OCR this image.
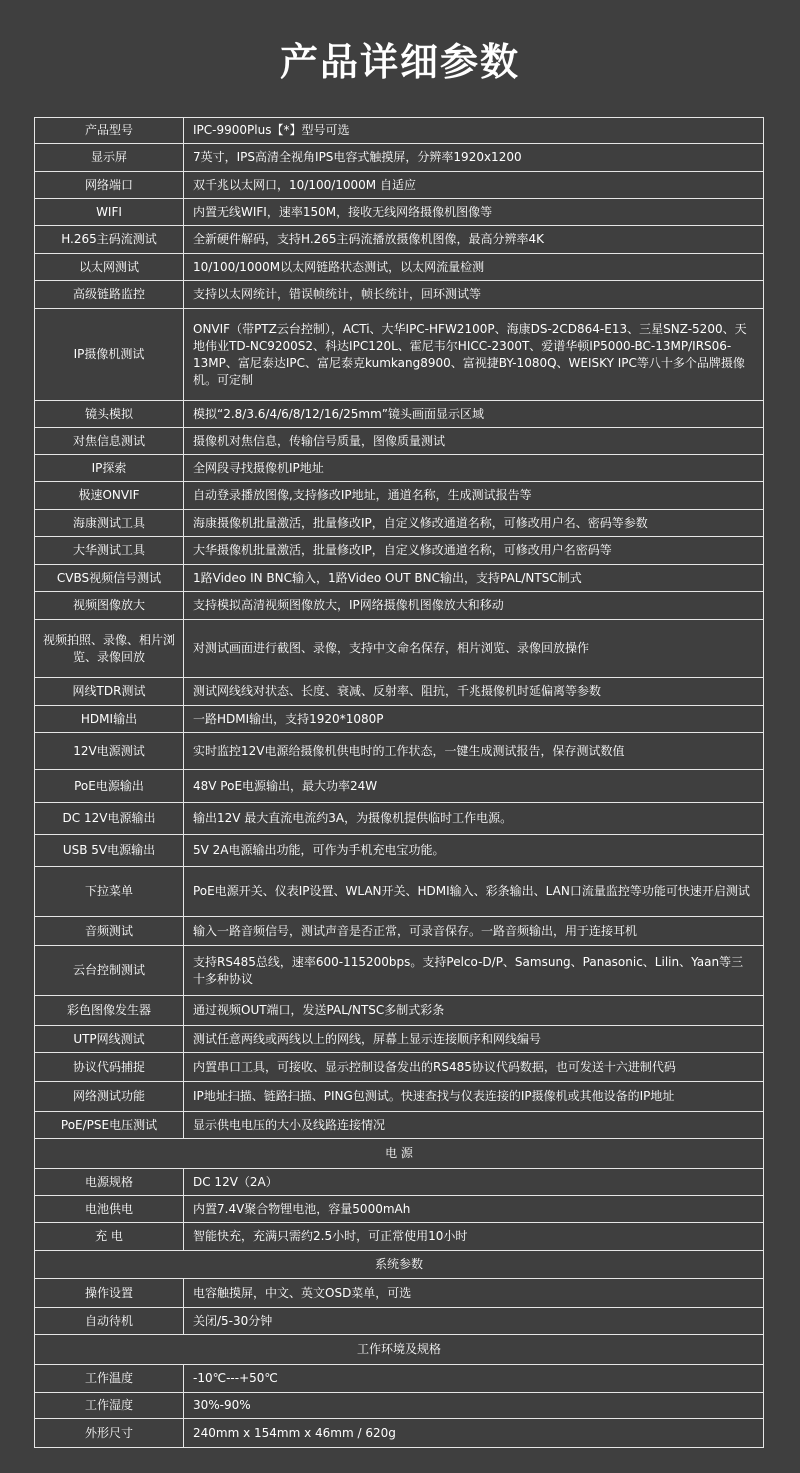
产品详细参数
产品型号	IPC-9900Plus【*】型号可选
显示屏	7英寸，IPS高清全视角IPS电容式触摸屏，分辨率1920x1200
网络端口	双千兆以太网口，10/100/1000M 自适应
WIFI	内置无线WIFI，速率150M，接收无线网络摄像机图像等
H.265主码流测试	全新硬件解码，支持H.265主码流播放摄像机图像，最高分辨率4K
以太网测试	10/100/1000M以太网链路状态测试，以太网流量检测
高级链路监控	支持以太网统计，错误帧统计，帧长统计，回环测试等
IP摄像机测试	ONVIF（带PTZ云台控制），ACTi、大华IPC-HFW2100P、海康DS-2CD864-E13、三星SNZ-5200、天地伟业TD-NC9200S2、科达IPC120L、霍尼韦尔HICC-2300T、爱谱华顿IP5000-BC-13MP/IRS06-13MP、富尼泰达IPC、富尼泰克kumkang8900、富视捷BY-1080Q、WEISKY IPC等八十多个品牌摄像机。可定制
镜头模拟	模拟“2.8/3.6/4/6/8/12/16/25mm”镜头画面显示区域
对焦信息测试	摄像机对焦信息，传输信号质量，图像质量测试
IP探索	全网段寻找摄像机IP地址
极速ONVIF	自动登录播放图像,支持修改IP地址，通道名称，生成测试报告等
海康测试工具	海康摄像机批量激活，批量修改IP，自定义修改通道名称，可修改用户名、密码等参数
大华测试工具	大华摄像机批量激活，批量修改IP，自定义修改通道名称，可修改用户名密码等
CVBS视频信号测试	1路Video IN BNC输入，1路Video OUT BNC输出，支持PAL/NTSC制式
视频图像放大	支持模拟高清视频图像放大，IP网络摄像机图像放大和移动
视频拍照、录像、相片浏览、录像回放	对测试画面进行截图、录像，支持中文命名保存，相片浏览、录像回放操作
网线TDR测试	测试网线线对状态、长度、衰减、反射率、阻抗，千兆摄像机时延偏离等参数
HDMI输出	一路HDMI输出，支持1920*1080P
12V电源测试	实时监控12V电源给摄像机供电时的工作状态，一键生成测试报告，保存测试数值
PoE电源输出	48V PoE电源输出，最大功率24W
DC 12V电源输出	输出12V 最大直流电流约3A，为摄像机提供临时工作电源。
USB 5V电源输出	5V 2A电源输出功能，可作为手机充电宝功能。
下拉菜单	PoE电源开关、仪表IP设置、WLAN开关、HDMI输入、彩条输出、LAN口流量监控等功能可快速开启测试
音频测试	输入一路音频信号，测试声音是否正常，可录音保存。一路音频输出，用于连接耳机
云台控制测试	支持RS485总线，速率600-115200bps。支持Pelco-D/P、Samsung、Panasonic、Lilin、Yaan等三十多种协议
彩色图像发生器	通过视频OUT端口，发送PAL/NTSC多制式彩条
UTP网线测试	测试任意两线或两线以上的网线，屏幕上显示连接顺序和网线编号
协议代码捕捉	内置串口工具，可接收、显示控制设备发出的RS485协议代码数据，也可发送十六进制代码
网络测试功能	IP地址扫描、链路扫描、PING包测试。快速查找与仪表连接的IP摄像机或其他设备的IP地址
PoE/PSE电压测试	显示供电电压的大小及线路连接情况
电 源	
电源规格	DC 12V（2A）
电池供电	内置7.4V聚合物锂电池，容量5000mAh
充 电	智能快充，充满只需约2.5小时，可正常使用10小时
系统参数	
操作设置	电容触摸屏，中文、英文OSD菜单，可选
自动待机	关闭/5-30分钟
工作环境及规格	
工作温度	-10℃---+50℃
工作湿度	30%-90%
外形尺寸	240mm x 154mm x 46mm / 620g
